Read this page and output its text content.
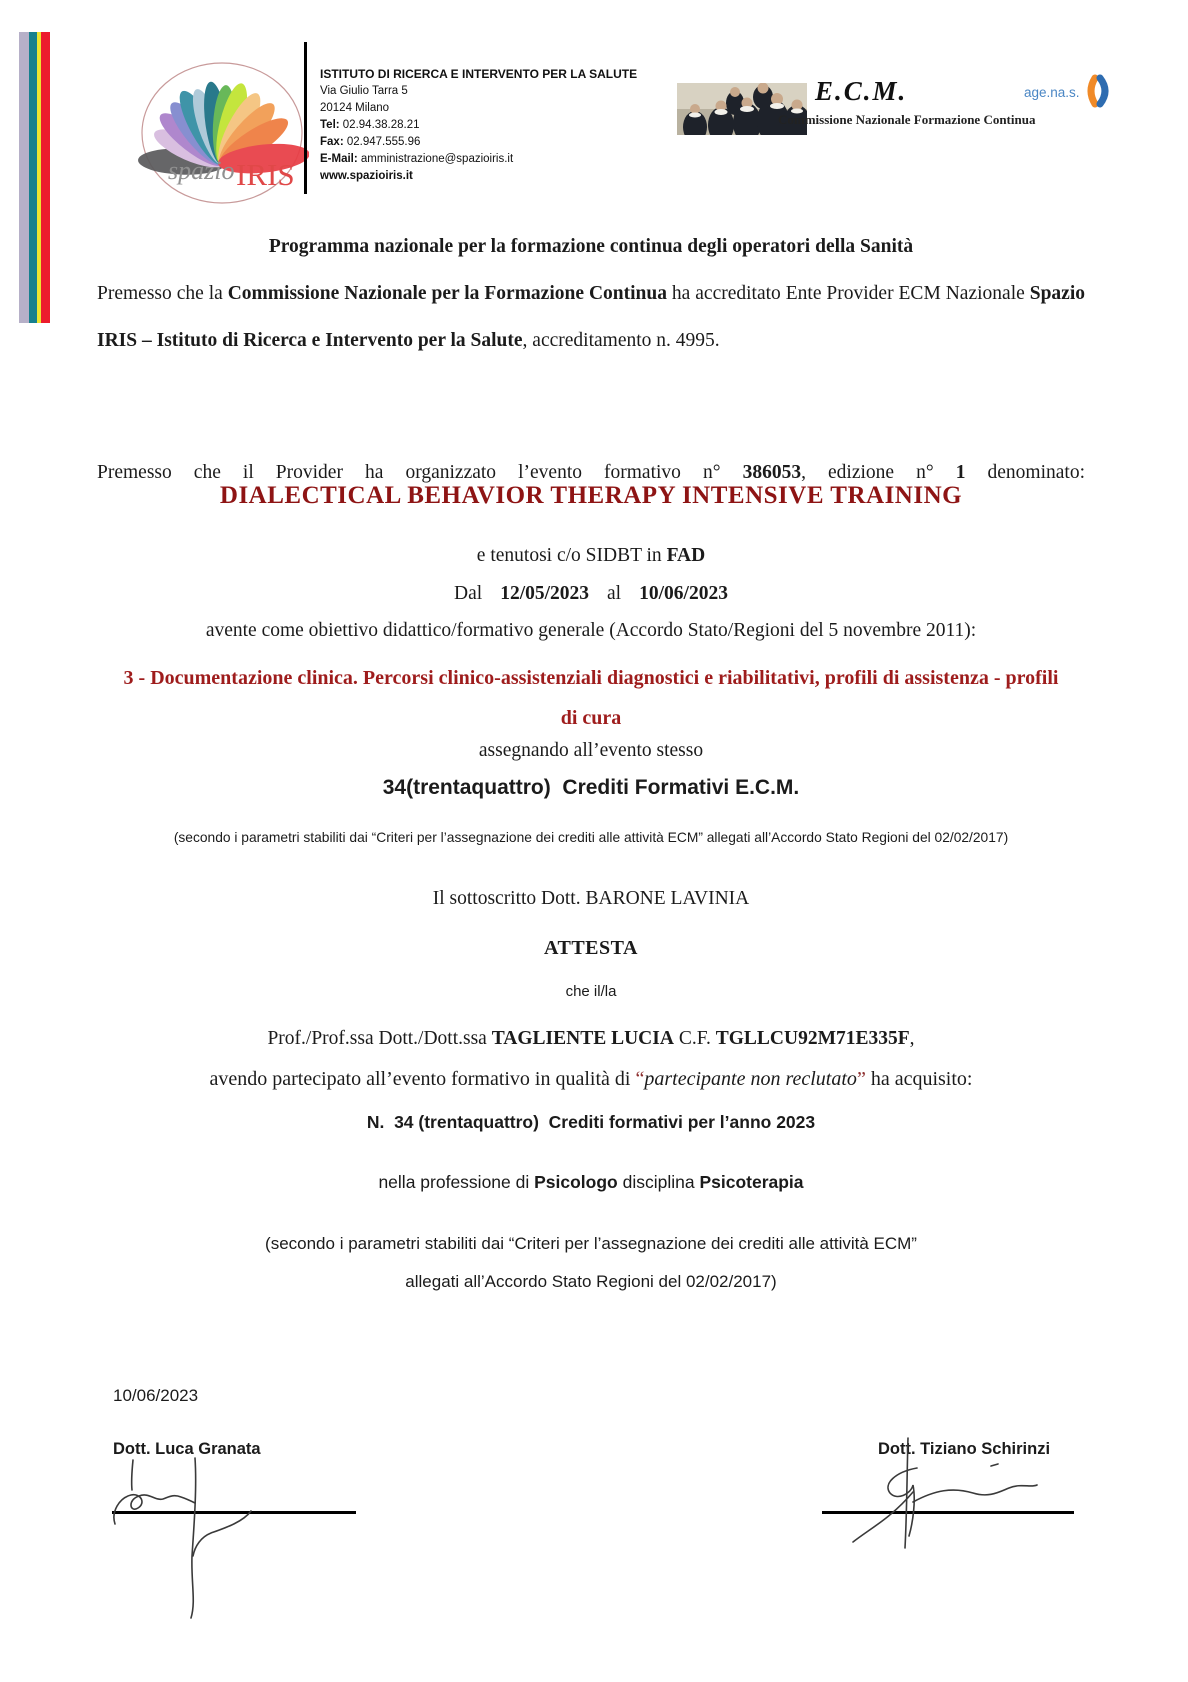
spazio IRIS
ISTITUTO DI RICERCA E INTERVENTO PER LA SALUTE
Via Giulio Tarra 5
20124 Milano
Tel: 02.94.38.28.21
Fax: 02.947.555.96
E-Mail: amministrazione@spazioiris.it
www.spazioiris.it
E.C.M.
Commissione Nazionale Formazione Continua
age.na.s.
Programma nazionale per la formazione continua degli operatori della Sanità
Premesso che la Commissione Nazionale per la Formazione Continua ha accreditato Ente Provider ECM Nazionale Spazio IRIS – Istituto di Ricerca e Intervento per la Salute, accreditamento n. 4995.
Premesso che il Provider ha organizzato l’evento formativo n° 386053, edizione n° 1 denominato:
DIALECTICAL BEHAVIOR THERAPY INTENSIVE TRAINING
e tenutosi c/o SIDBT in FAD
Dal 12/05/2023 al 10/06/2023
avente come obiettivo didattico/formativo generale (Accordo Stato/Regioni del 5 novembre 2011):
3 - Documentazione clinica. Percorsi clinico-assistenziali diagnostici e riabilitativi, profili di assistenza - profili di cura
assegnando all’evento stesso
34(trentaquattro)  Crediti Formativi E.C.M.
(secondo i parametri stabiliti dai “Criteri per l’assegnazione dei crediti alle attività ECM” allegati all’Accordo Stato Regioni del 02/02/2017)
Il sottoscritto Dott. BARONE LAVINIA
ATTESTA
che il/la
Prof./Prof.ssa Dott./Dott.ssa TAGLIENTE LUCIA C.F. TGLLCU92M71E335F,
avendo partecipato all’evento formativo in qualità di “partecipante non reclutato” ha acquisito:
N.  34 (trentaquattro)  Crediti formativi per l’anno 2023
nella professione di Psicologo disciplina Psicoterapia
(secondo i parametri stabiliti dai “Criteri per l’assegnazione dei crediti alle attività ECM”
allegati all’Accordo Stato Regioni del 02/02/2017)
10/06/2023
Dott. Luca Granata	Dott. Tiziano Schirinzi
